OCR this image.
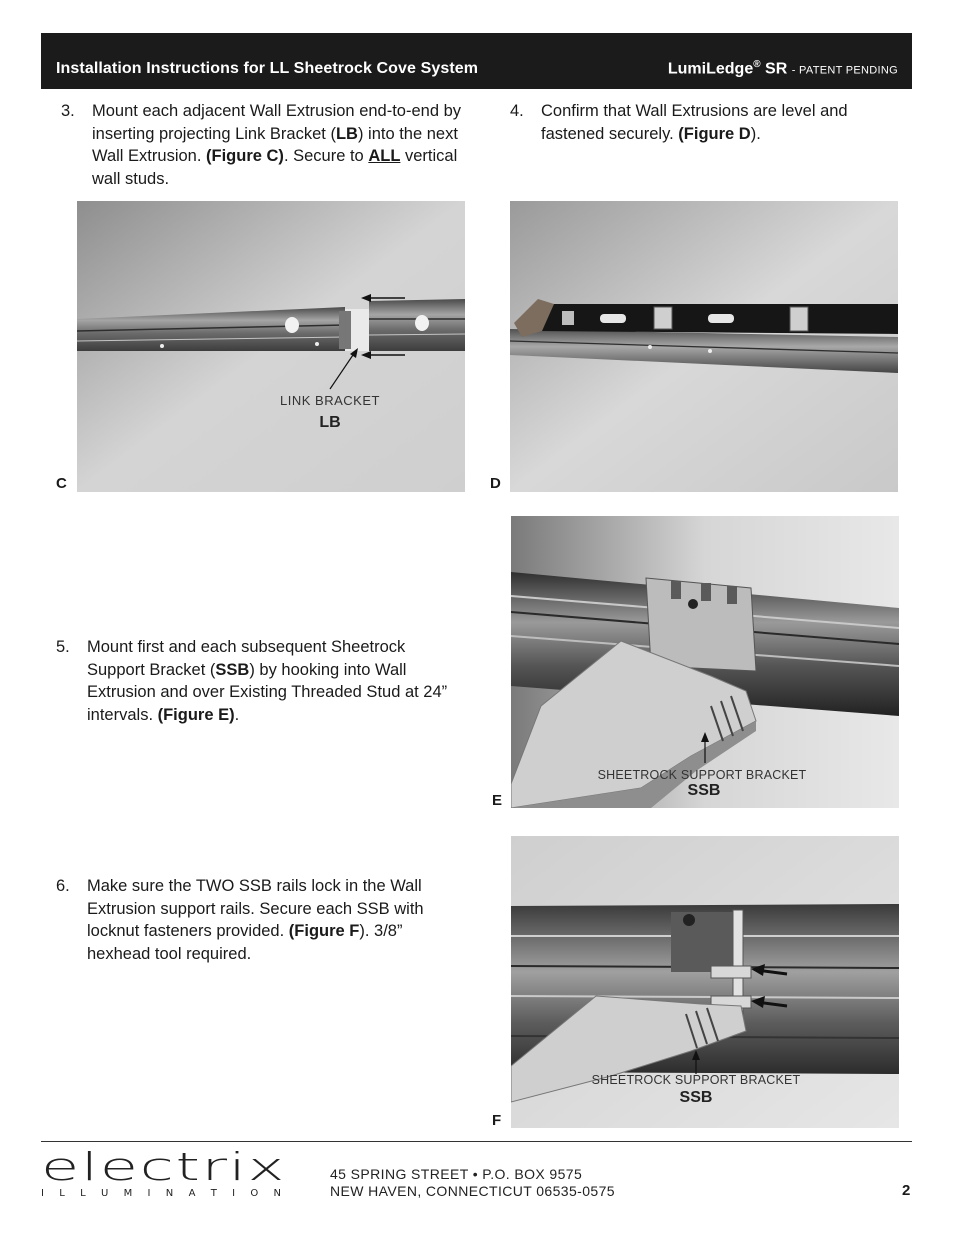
Installation Instructions for LL Sheetrock Cove System	LumiLedge® SR - PATENT PENDING
3. Mount each adjacent Wall Extrusion end-to-end by inserting projecting Link Bracket (LB) into the next Wall Extrusion. (Figure C). Secure to ALL vertical wall studs.
4. Confirm that Wall Extrusions are level and fastened securely. (Figure D).
LINK BRACKET
LB
C	D
5. Mount first and each subsequent Sheetrock Support Bracket (SSB) by hooking into Wall Extrusion and over Existing Threaded Stud at 24” intervals. (Figure E).
SHEETROCK SUPPORT BRACKET
SSB
E
6. Make sure the TWO SSB rails lock in the Wall Extrusion support rails. Secure each SSB with locknut fasteners provided. (Figure F). 3/8” hexhead tool required.
SHEETROCK SUPPORT BRACKET
SSB
F
electrix
I L L U M I N A T I O N
45 SPRING STREET • P.O. BOX 9575
NEW HAVEN, CONNECTICUT 06535-0575	2
